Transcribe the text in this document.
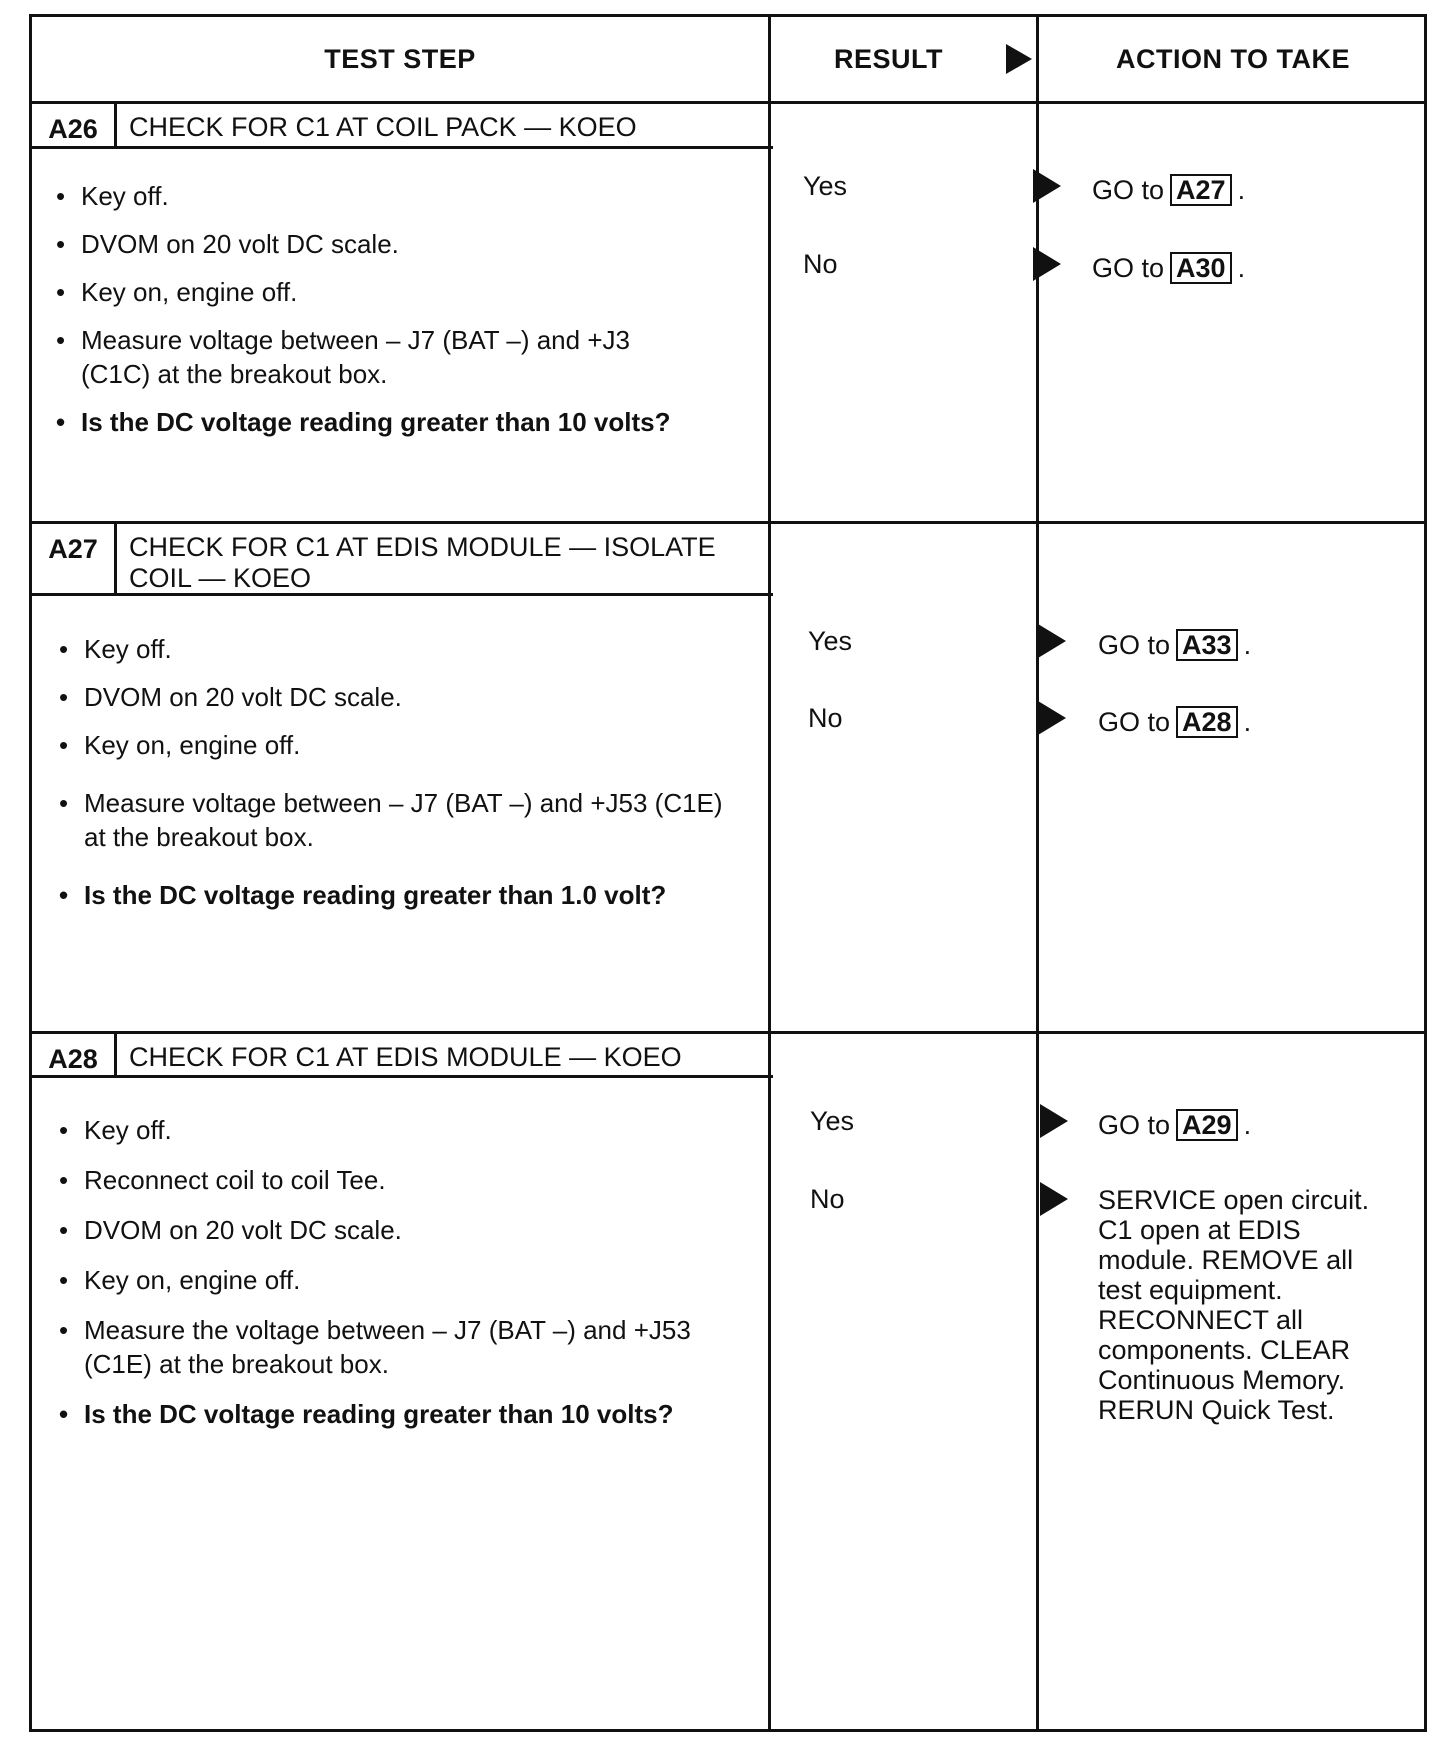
TEST STEP	RESULT	ACTION TO TAKE
A26	CHECK FOR C1 AT COIL PACK — KOEO
• Key off.
• DVOM on 20 volt DC scale.
• Key on, engine off.
• Measure voltage between – J7 (BAT –) and +J3 (C1C) at the breakout box.
• Is the DC voltage reading greater than 10 volts?
Yes	GO to A27 .
No	GO to A30 .
A27	CHECK FOR C1 AT EDIS MODULE — ISOLATE COIL — KOEO
• Key off.
• DVOM on 20 volt DC scale.
• Key on, engine off.
• Measure voltage between – J7 (BAT –) and +J53 (C1E) at the breakout box.
• Is the DC voltage reading greater than 1.0 volt?
Yes	GO to A33 .
No	GO to A28 .
A28	CHECK FOR C1 AT EDIS MODULE — KOEO
• Key off.
• Reconnect coil to coil Tee.
• DVOM on 20 volt DC scale.
• Key on, engine off.
• Measure the voltage between – J7 (BAT –) and +J53 (C1E) at the breakout box.
• Is the DC voltage reading greater than 10 volts?
Yes	GO to A29 .
No	SERVICE open circuit. C1 open at EDIS module. REMOVE all test equipment. RECONNECT all components. CLEAR Continuous Memory. RERUN Quick Test.
